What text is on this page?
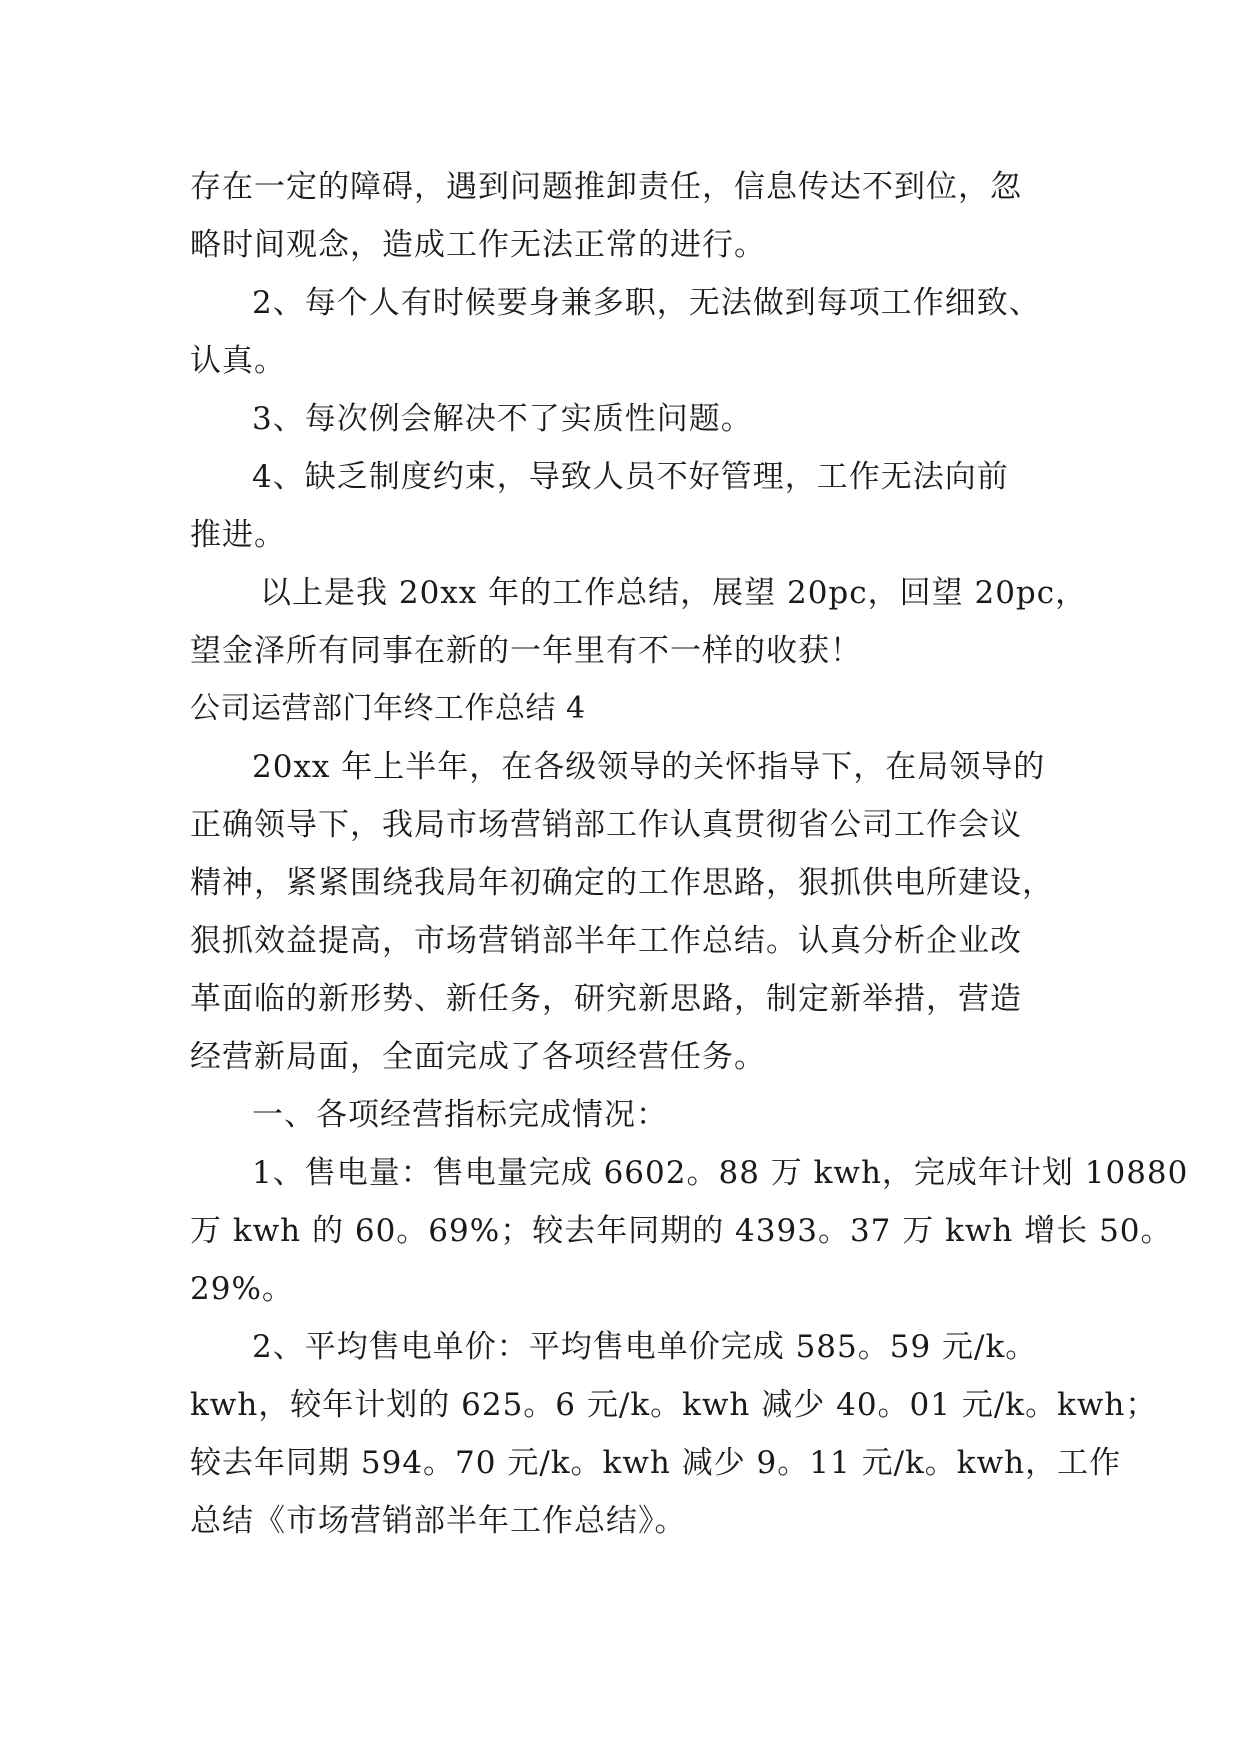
存在一定的障碍，遇到问题推卸责任，信息传达不到位，忽

略时间观念，造成工作无法正常的进行。

2、每个人有时候要身兼多职，无法做到每项工作细致、

认真。

3、每次例会解决不了实质性问题。

4、缺乏制度约束，导致人员不好管理，工作无法向前

推进。

以上是我 20xx 年的工作总结，展望 20pc，回望 20pc，

望金泽所有同事在新的一年里有不一样的收获！

公司运营部门年终工作总结 4

20xx 年上半年，在各级领导的关怀指导下，在局领导的

正确领导下，我局市场营销部工作认真贯彻省公司工作会议

精神，紧紧围绕我局年初确定的工作思路，狠抓供电所建设，

狠抓效益提高，市场营销部半年工作总结。认真分析企业改

革面临的新形势、新任务，研究新思路，制定新举措，营造

经营新局面，全面完成了各项经营任务。

一、各项经营指标完成情况：

1、售电量：售电量完成 6602。88 万 kwh，完成年计划 10880

万 kwh 的 60。69%；较去年同期的 4393。37 万 kwh 增长 50。

29%。

2、平均售电单价：平均售电单价完成 585。59 元/k。

kwh，较年计划的 625。6 元/k。kwh 减少 40。01 元/k。kwh；

较去年同期 594。70 元/k。kwh 减少 9。11 元/k。kwh，工作

总结《市场营销部半年工作总结》。
